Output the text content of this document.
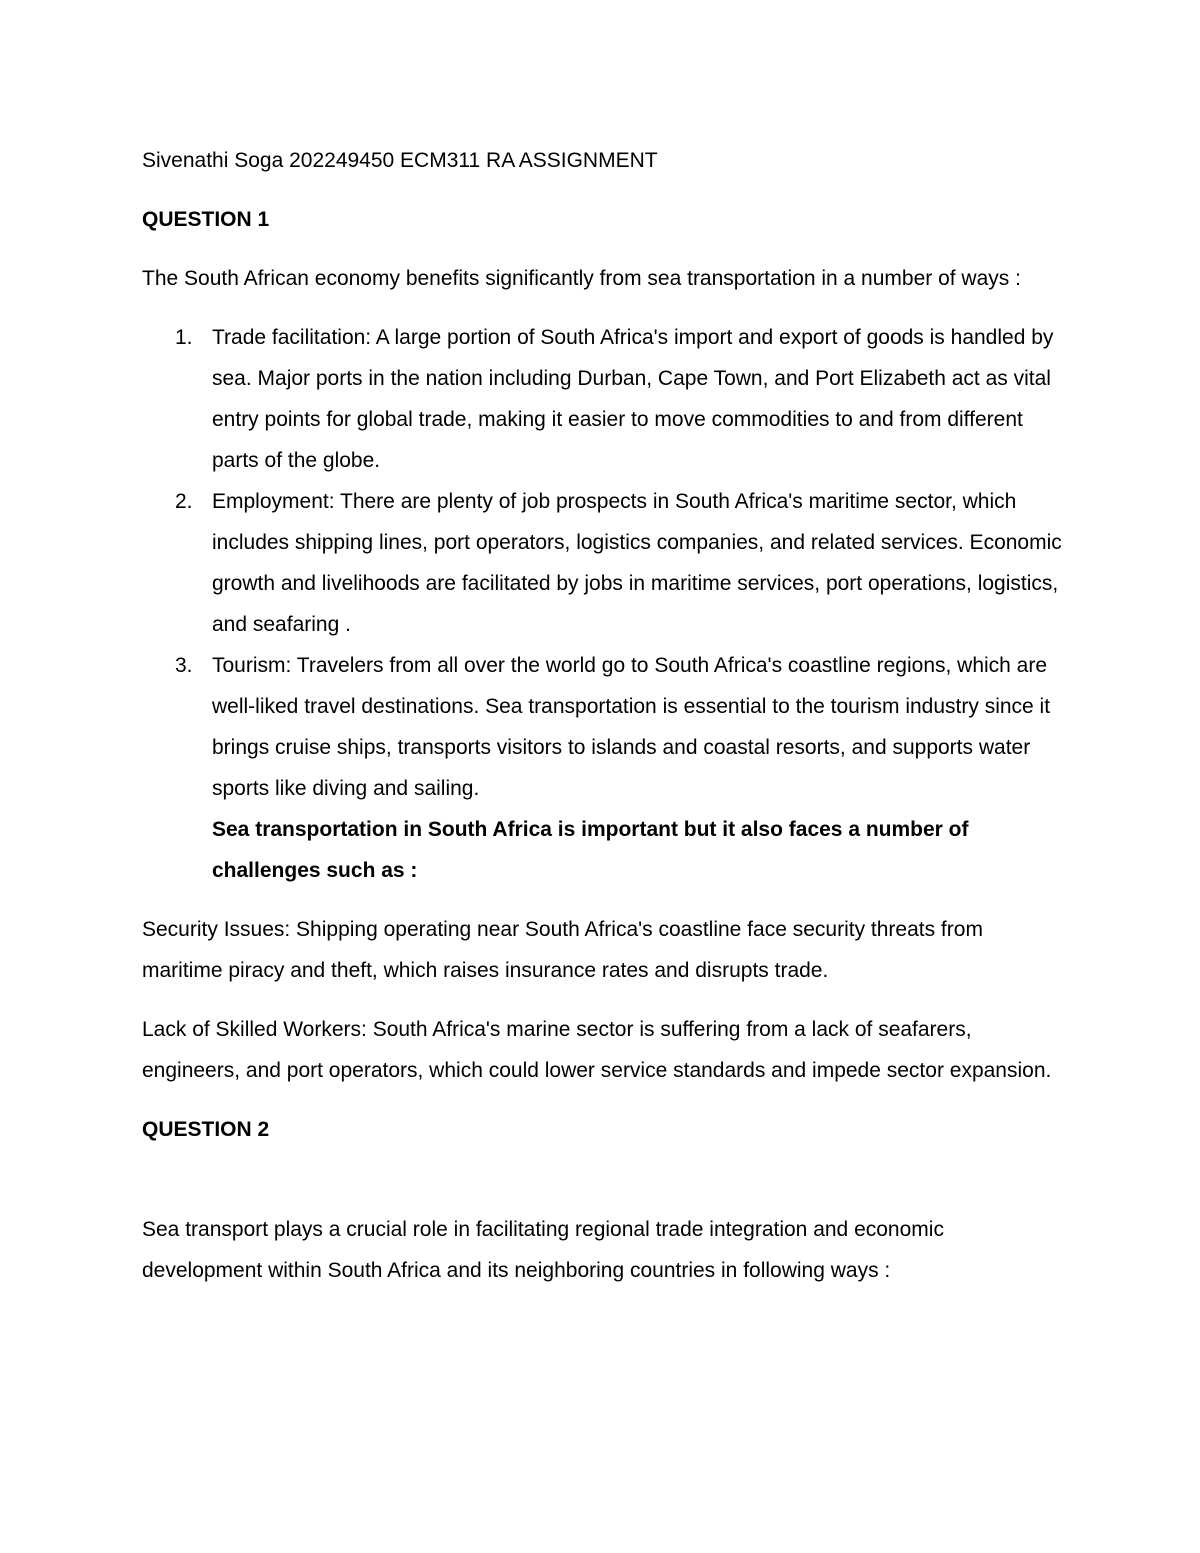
Sivenathi Soga 202249450 ECM311 RA ASSIGNMENT

QUESTION 1

The South African economy benefits significantly from sea transportation in a number of ways :

1. Trade facilitation: A large portion of South Africa's import and export of goods is handled by sea. Major ports in the nation including Durban, Cape Town, and Port Elizabeth act as vital entry points for global trade, making it easier to move commodities to and from different parts of the globe.
2. Employment: There are plenty of job prospects in South Africa's maritime sector, which includes shipping lines, port operators, logistics companies, and related services. Economic growth and livelihoods are facilitated by jobs in maritime services, port operations, logistics, and seafaring .
3. Tourism: Travelers from all over the world go to South Africa's coastline regions, which are well-liked travel destinations. Sea transportation is essential to the tourism industry since it brings cruise ships, transports visitors to islands and coastal resorts, and supports water sports like diving and sailing.

Sea transportation in South Africa is important but it also faces a number of challenges such as :

Security Issues: Shipping operating near South Africa's coastline face security threats from maritime piracy and theft, which raises insurance rates and disrupts trade.

Lack of Skilled Workers: South Africa's marine sector is suffering from a lack of seafarers, engineers, and port operators, which could lower service standards and impede sector expansion.

QUESTION 2

Sea transport plays a crucial role in facilitating regional trade integration and economic development within South Africa and its neighboring countries in following ways :
